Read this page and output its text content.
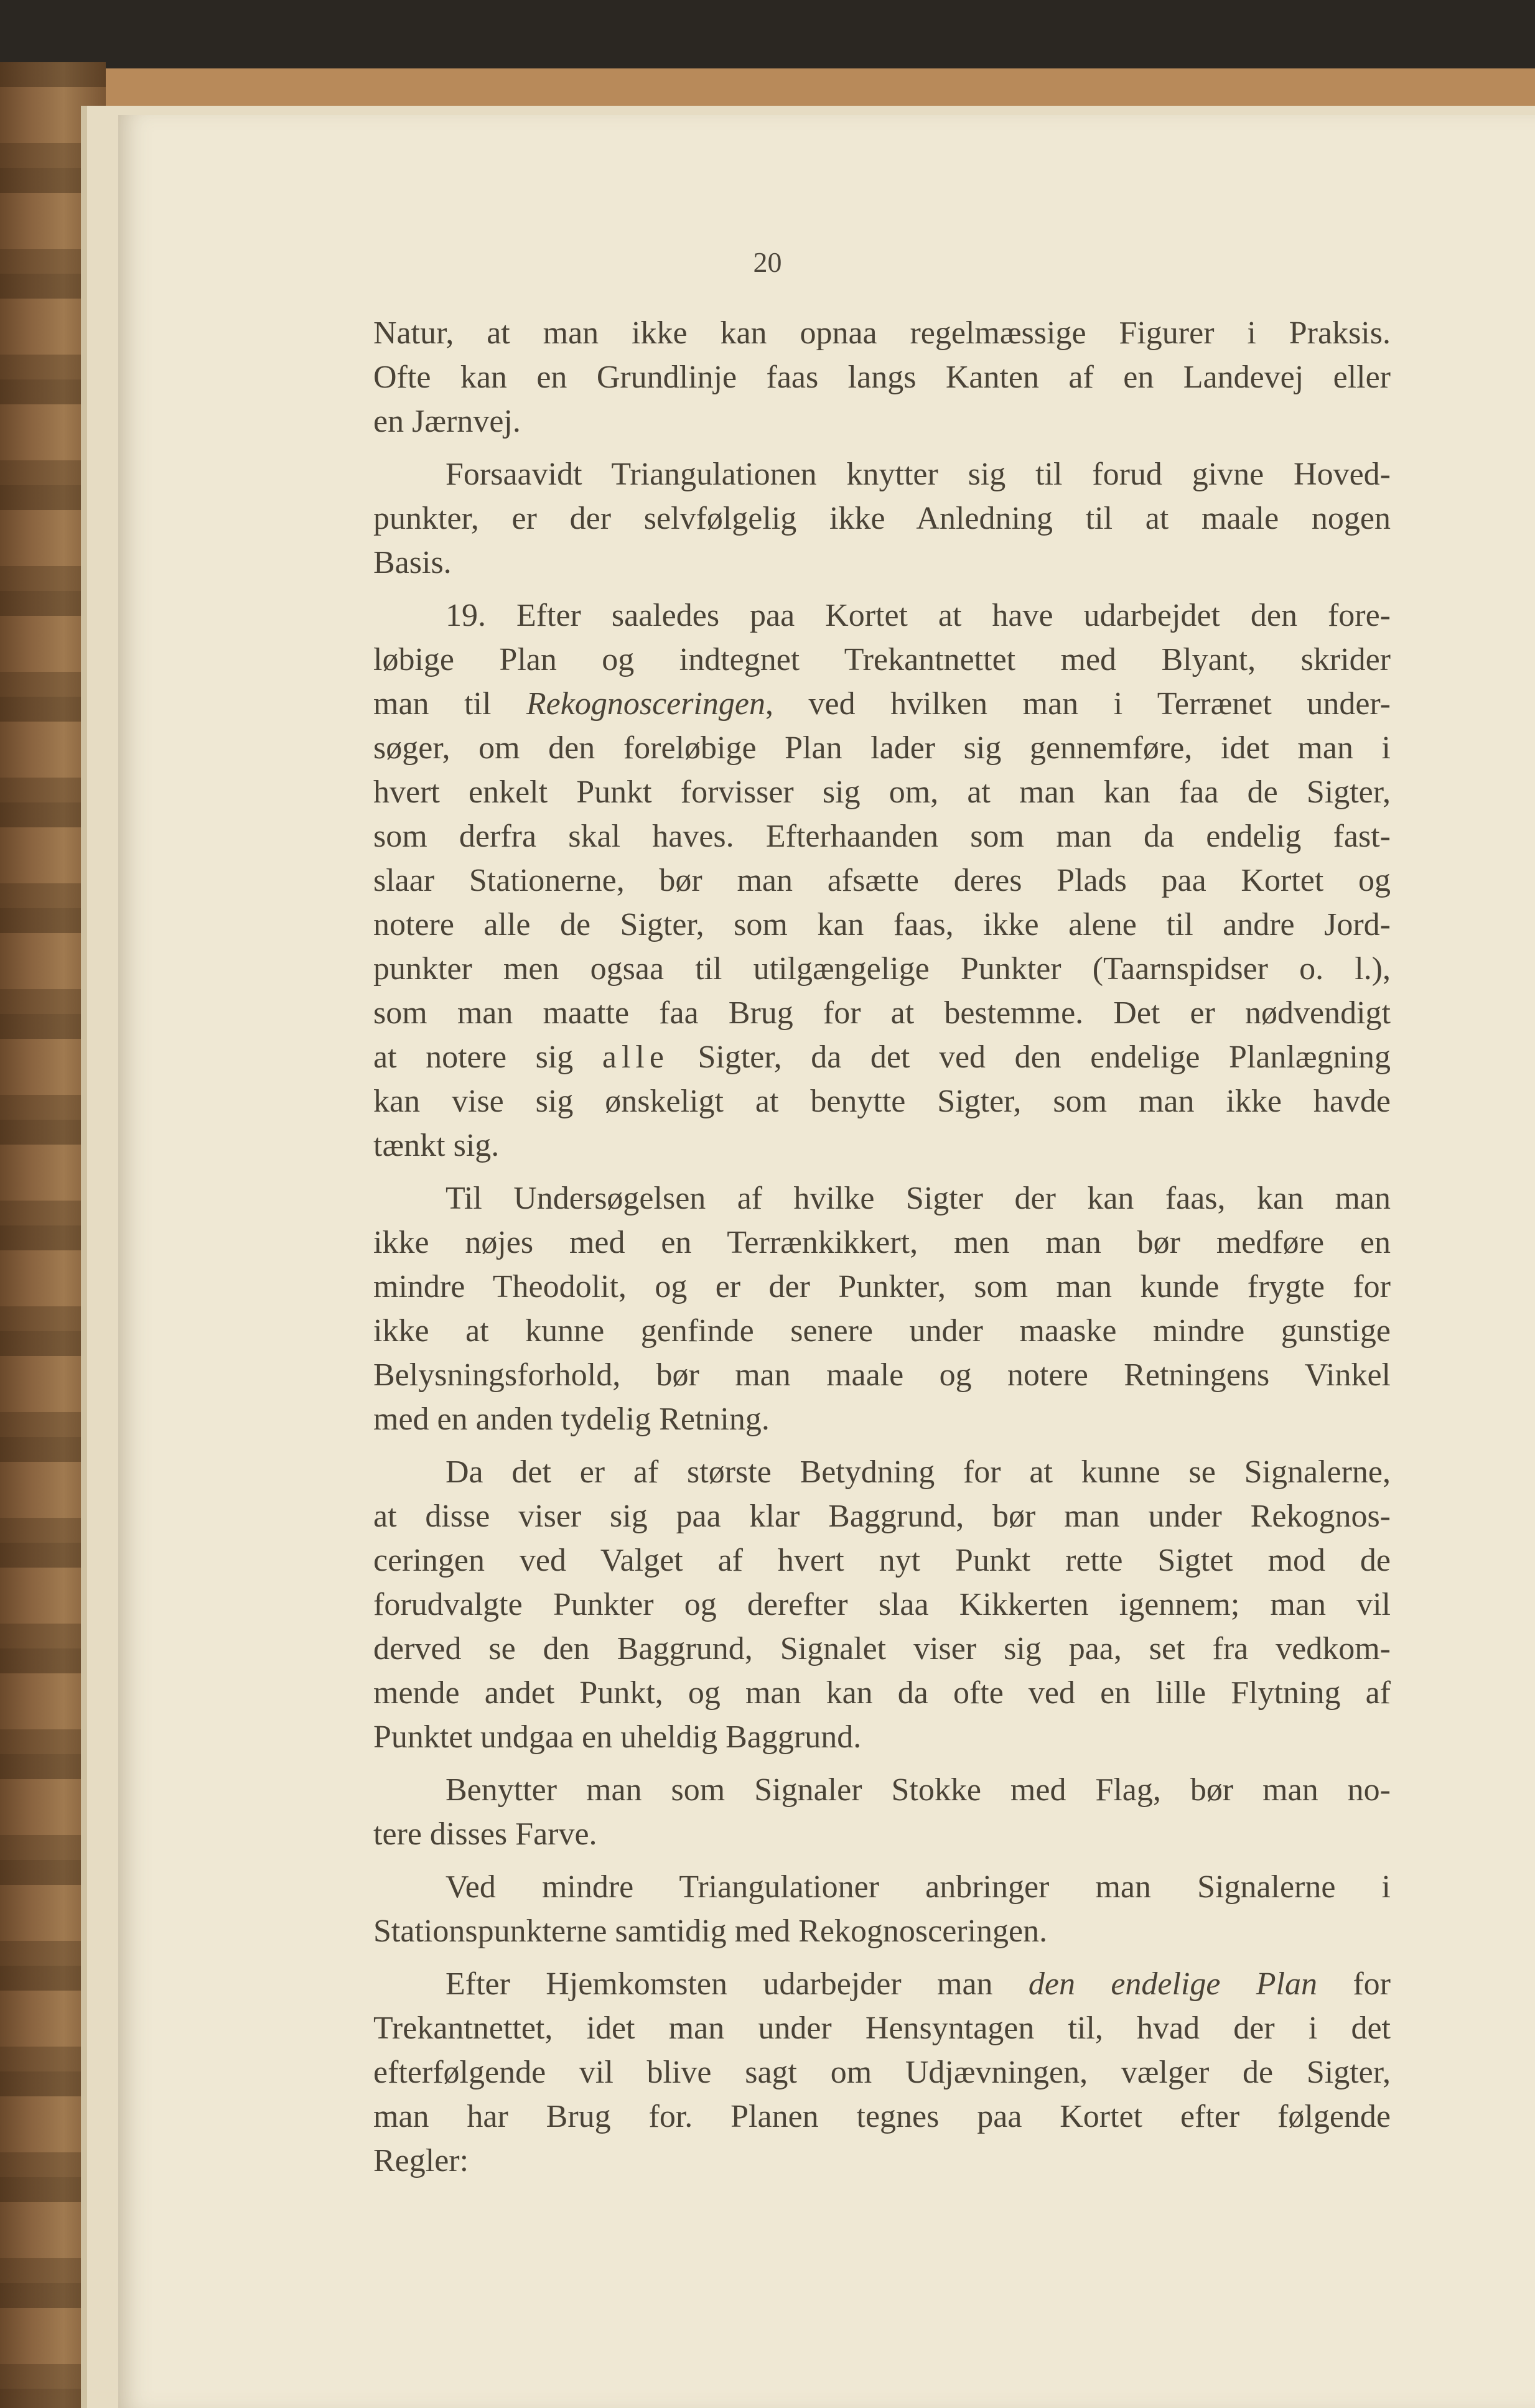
20
Natur, at man ikke kan opnaa regelmæssige Figurer i Praksis.
Ofte kan en Grundlinje faas langs Kanten af en Landevej eller
en Jærnvej.
Forsaavidt Triangulationen knytter sig til forud givne Hoved-
punkter, er der selvfølgelig ikke Anledning til at maale nogen
Basis.
19. Efter saaledes paa Kortet at have udarbejdet den fore-
løbige Plan og indtegnet Trekantnettet med Blyant, skrider
man til Rekognosceringen, ved hvilken man i Terrænet under-
søger, om den foreløbige Plan lader sig gennemføre, idet man i
hvert enkelt Punkt forvisser sig om, at man kan faa de Sigter,
som derfra skal haves. Efterhaanden som man da endelig fast-
slaar Stationerne, bør man afsætte deres Plads paa Kortet og
notere alle de Sigter, som kan faas, ikke alene til andre Jord-
punkter men ogsaa til utilgængelige Punkter (Taarnspidser o. l.),
som man maatte faa Brug for at bestemme. Det er nødvendigt
at notere sig alle Sigter, da det ved den endelige Planlægning
kan vise sig ønskeligt at benytte Sigter, som man ikke havde
tænkt sig.
Til Undersøgelsen af hvilke Sigter der kan faas, kan man
ikke nøjes med en Terrænkikkert, men man bør medføre en
mindre Theodolit, og er der Punkter, som man kunde frygte for
ikke at kunne genfinde senere under maaske mindre gunstige
Belysningsforhold, bør man maale og notere Retningens Vinkel
med en anden tydelig Retning.
Da det er af største Betydning for at kunne se Signalerne,
at disse viser sig paa klar Baggrund, bør man under Rekognos-
ceringen ved Valget af hvert nyt Punkt rette Sigtet mod de
forudvalgte Punkter og derefter slaa Kikkerten igennem; man vil
derved se den Baggrund, Signalet viser sig paa, set fra vedkom-
mende andet Punkt, og man kan da ofte ved en lille Flytning af
Punktet undgaa en uheldig Baggrund.
Benytter man som Signaler Stokke med Flag, bør man no-
tere disses Farve.
Ved mindre Triangulationer anbringer man Signalerne i
Stationspunkterne samtidig med Rekognosceringen.
Efter Hjemkomsten udarbejder man den endelige Plan for
Trekantnettet, idet man under Hensyntagen til, hvad der i det
efterfølgende vil blive sagt om Udjævningen, vælger de Sigter,
man har Brug for. Planen tegnes paa Kortet efter følgende
Regler:
